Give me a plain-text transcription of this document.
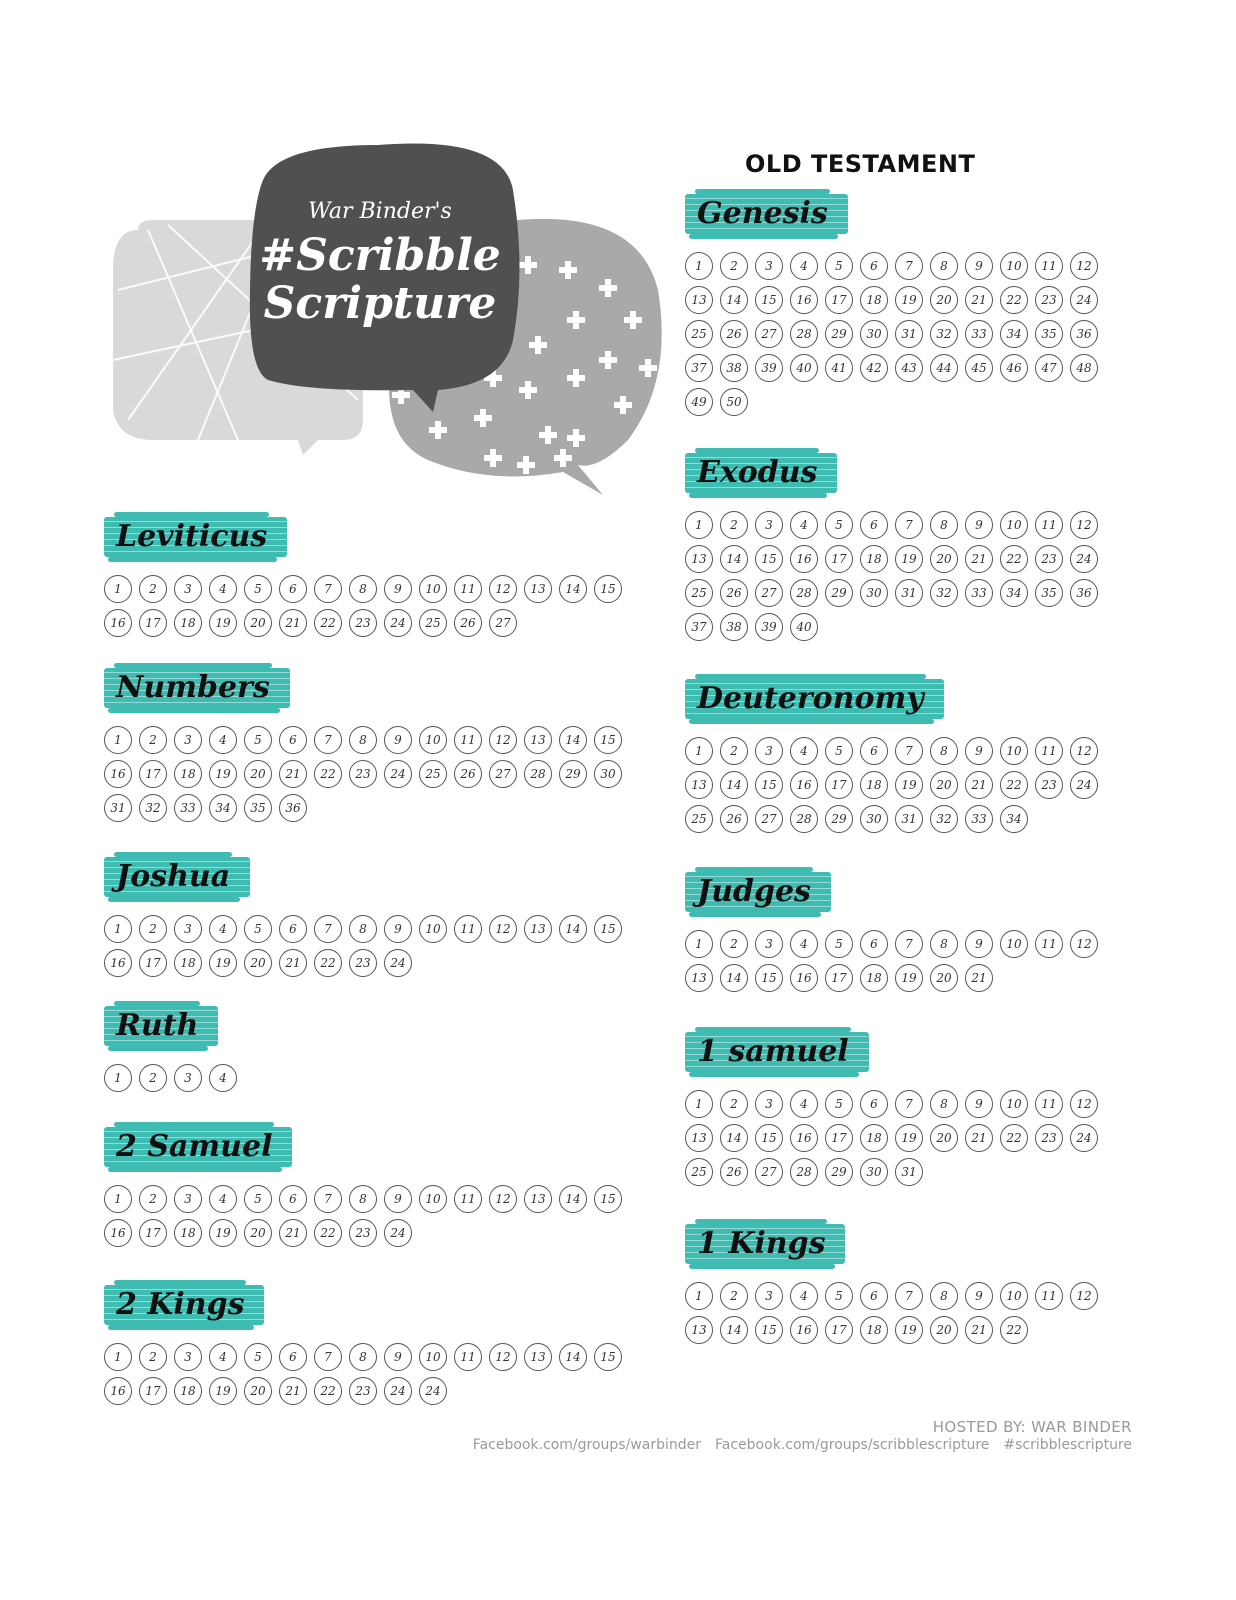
War Binder's
#Scribble
Scripture
OLD TESTAMENT
Genesis
1	2	3	4	5	6	7	8	9	10	11	12
13	14	15	16	17	18	19	20	21	22	23	24
25	26	27	28	29	30	31	32	33	34	35	36
37	38	39	40	41	42	43	44	45	46	47	48
49	50
Exodus
1	2	3	4	5	6	7	8	9	10	11	12
13	14	15	16	17	18	19	20	21	22	23	24
25	26	27	28	29	30	31	32	33	34	35	36
37	38	39	40
Deuteronomy
1	2	3	4	5	6	7	8	9	10	11	12
13	14	15	16	17	18	19	20	21	22	23	24
25	26	27	28	29	30	31	32	33	34
Judges
1	2	3	4	5	6	7	8	9	10	11	12
13	14	15	16	17	18	19	20	21
1 samuel
1	2	3	4	5	6	7	8	9	10	11	12
13	14	15	16	17	18	19	20	21	22	23	24
25	26	27	28	29	30	31
1 Kings
1	2	3	4	5	6	7	8	9	10	11	12
13	14	15	16	17	18	19	20	21	22
Leviticus
1	2	3	4	5	6	7	8	9	10	11	12	13	14	15
16	17	18	19	20	21	22	23	24	25	26	27
Numbers
1	2	3	4	5	6	7	8	9	10	11	12	13	14	15
16	17	18	19	20	21	22	23	24	25	26	27	28	29	30
31	32	33	34	35	36
Joshua
1	2	3	4	5	6	7	8	9	10	11	12	13	14	15
16	17	18	19	20	21	22	23	24
Ruth
1	2	3	4
2 Samuel
1	2	3	4	5	6	7	8	9	10	11	12	13	14	15
16	17	18	19	20	21	22	23	24
2 Kings
1	2	3	4	5	6	7	8	9	10	11	12	13	14	15
16	17	18	19	20	21	22	23	24	24
HOSTED BY: WAR BINDER
Facebook.com/groups/warbinder Facebook.com/groups/scribblescripture #scribblescripture
